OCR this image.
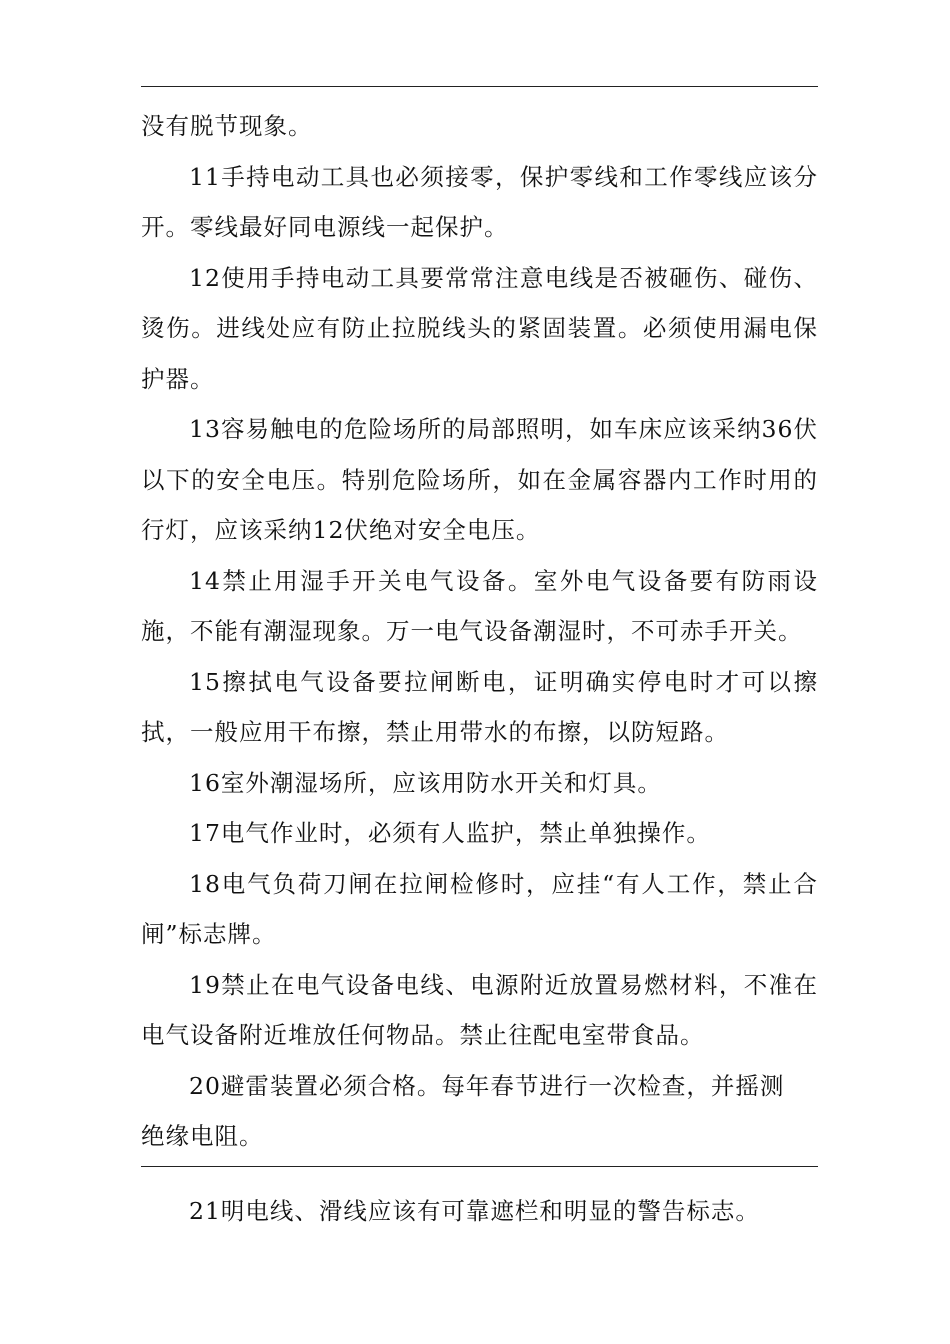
没有脱节现象。

11手持电动工具也必须接零，保护零线和工作零线应该分开。零线最好同电源线一起保护。

12使用手持电动工具要常常注意电线是否被砸伤、碰伤、烫伤。进线处应有防止拉脱线头的紧固装置。必须使用漏电保护器。

13容易触电的危险场所的局部照明，如车床应该采纳36伏以下的安全电压。特别危险场所，如在金属容器内工作时用的行灯，应该采纳12伏绝对安全电压。

14禁止用湿手开关电气设备。室外电气设备要有防雨设施，不能有潮湿现象。万一电气设备潮湿时，不可赤手开关。

15擦拭电气设备要拉闸断电，证明确实停电时才可以擦拭，一般应用干布擦，禁止用带水的布擦，以防短路。

16室外潮湿场所，应该用防水开关和灯具。

17电气作业时，必须有人监护，禁止单独操作。

18电气负荷刀闸在拉闸检修时，应挂“有人工作，禁止合闸”标志牌。

19禁止在电气设备电线、电源附近放置易燃材料，不准在电气设备附近堆放任何物品。禁止往配电室带食品。

20避雷装置必须合格。每年春节进行一次检查，并摇测

绝缘电阻。

21明电线、滑线应该有可靠遮栏和明显的警告标志。
